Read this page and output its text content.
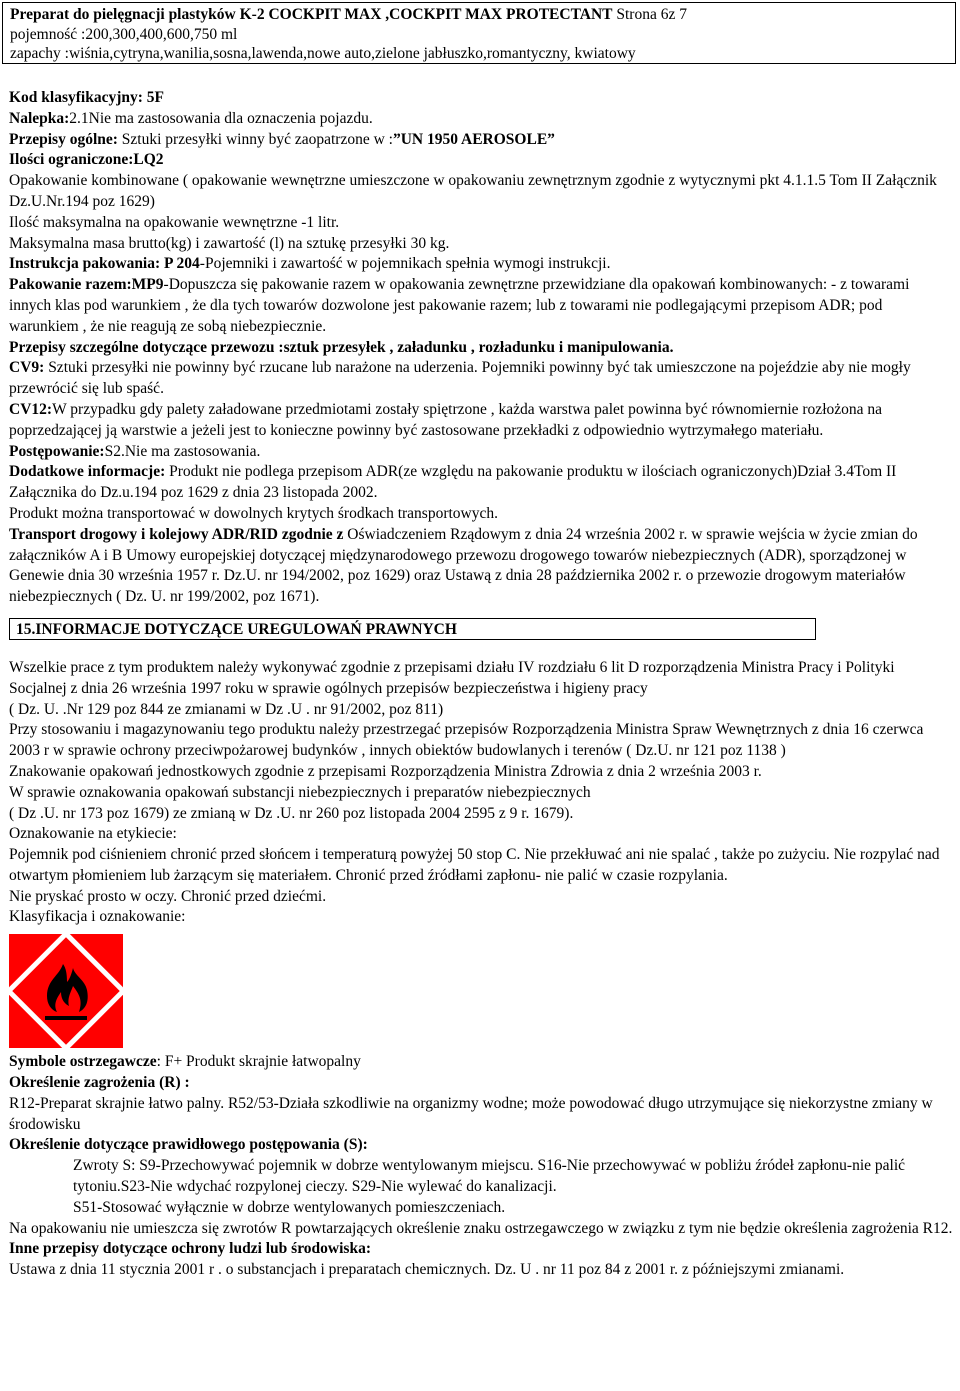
Preparat do pielęgnacji plastyków K-2 COCKPIT MAX ,COCKPIT MAX PROTECTANT Strona 6z 7
pojemność :200,300,400,600,750 ml
zapachy :wiśnia,cytryna,wanilia,sosna,lawenda,nowe auto,zielone jabłuszko,romantyczny, kwiatowy

Kod klasyfikacyjny: 5F

Nalepka:2.1Nie ma zastosowania dla oznaczenia pojazdu.

Przepisy ogólne: Sztuki przesyłki winny być zaopatrzone w :”UN 1950 AEROSOLE”

Ilości ograniczone:LQ2

Opakowanie kombinowane ( opakowanie wewnętrzne umieszczone w opakowaniu zewnętrznym zgodnie z wytycznymi pkt 4.1.1.5 Tom II Załącznik Dz.U.Nr.194 poz 1629)

Ilość maksymalna na opakowanie wewnętrzne -1 litr.

Maksymalna masa brutto(kg) i zawartość (l) na sztukę przesyłki 30 kg.

Instrukcja pakowania: P 204-Pojemniki i zawartość w pojemnikach spełnia wymogi instrukcji.

Pakowanie razem:MP9-Dopuszcza się pakowanie razem w opakowania zewnętrzne przewidziane dla opakowań kombinowanych: - z towarami innych klas pod warunkiem , że dla tych towarów dozwolone jest pakowanie razem; lub z towarami nie podlegającymi przepisom ADR; pod warunkiem , że nie reagują ze sobą niebezpiecznie.

Przepisy szczególne dotyczące przewozu :sztuk przesyłek , załadunku , rozładunku i manipulowania.

CV9: Sztuki przesyłki nie powinny być rzucane lub narażone na uderzenia. Pojemniki powinny być tak umieszczone na pojeździe aby nie mogły przewrócić się lub spaść.

CV12:W przypadku gdy palety załadowane przedmiotami zostały spiętrzone , każda warstwa palet powinna być równomiernie rozłożona na poprzedzającej ją warstwie a jeżeli jest to konieczne powinny być zastosowane przekładki z odpowiednio wytrzymałego materiału.

Postępowanie:S2.Nie ma zastosowania.

Dodatkowe informacje: Produkt nie podlega przepisom ADR(ze względu na pakowanie produktu w ilościach ograniczonych)Dział 3.4Tom II Załącznika do Dz.u.194 poz 1629 z dnia 23 listopada 2002.

Produkt można transportować w dowolnych krytych środkach transportowych.

Transport drogowy i kolejowy ADR/RID zgodnie z Oświadczeniem Rządowym z dnia 24 września 2002 r. w sprawie wejścia w życie zmian do załączników A i B Umowy europejskiej dotyczącej międzynarodowego przewozu drogowego towarów niebezpiecznych (ADR), sporządzonej w Genewie dnia 30 września 1957 r. Dz.U. nr 194/2002, poz 1629) oraz Ustawą z dnia 28 października 2002 r. o przewozie drogowym materiałów niebezpiecznych ( Dz. U. nr 199/2002, poz 1671).

15.INFORMACJE DOTYCZĄCE UREGULOWAŃ PRAWNYCH

Wszelkie prace z tym produktem należy wykonywać zgodnie z przepisami działu IV rozdziału 6 lit D rozporządzenia Ministra Pracy i Polityki Socjalnej z dnia 26 września 1997 roku w sprawie ogólnych przepisów bezpieczeństwa i higieny pracy

( Dz. U. .Nr 129 poz 844 ze zmianami w Dz .U . nr 91/2002, poz 811)

Przy stosowaniu i magazynowaniu tego produktu należy przestrzegać przepisów Rozporządzenia Ministra Spraw Wewnętrznych z dnia 16 czerwca 2003 r w sprawie ochrony przeciwpożarowej budynków , innych obiektów budowlanych i terenów ( Dz.U. nr 121 poz 1138 )

Znakowanie opakowań jednostkowych zgodnie z przepisami Rozporządzenia Ministra Zdrowia z dnia 2 września 2003 r.

W sprawie oznakowania opakowań substancji niebezpiecznych i preparatów niebezpiecznych

( Dz .U. nr 173 poz 1679) ze zmianą w Dz .U. nr 260 poz listopada 2004 2595 z 9 r. 1679).

Oznakowanie na etykiecie:

Pojemnik pod ciśnieniem chronić przed słońcem i temperaturą powyżej 50 stop C. Nie przekłuwać ani nie spalać , także po zużyciu. Nie rozpylać nad otwartym płomieniem lub żarzącym się materiałem. Chronić przed źródłami zapłonu- nie palić w czasie rozpylania.

Nie pryskać prosto w oczy. Chronić przed dziećmi.

Klasyfikacja i oznakowanie:

Symbole ostrzegawcze: F+ Produkt skrajnie łatwopalny

Określenie zagrożenia (R) :

R12-Preparat skrajnie łatwo palny. R52/53-Działa szkodliwie na organizmy wodne; może powodować długo utrzymujące się niekorzystne zmiany w środowisku

Określenie dotyczące prawidłowego postępowania (S):

Zwroty S: S9-Przechowywać pojemnik w dobrze wentylowanym miejscu. S16-Nie przechowywać w pobliżu źródeł zapłonu-nie palić tytoniu.S23-Nie wdychać rozpylonej cieczy. S29-Nie wylewać do kanalizacji.

S51-Stosować wyłącznie w dobrze wentylowanych pomieszczeniach.

Na opakowaniu nie umieszcza się zwrotów R powtarzających określenie znaku ostrzegawczego w związku z tym nie będzie określenia zagrożenia R12.

Inne przepisy dotyczące ochrony ludzi lub środowiska:

Ustawa z dnia 11 stycznia 2001 r . o substancjach i preparatach chemicznych. Dz. U . nr 11 poz 84 z 2001 r. z późniejszymi zmianami.
